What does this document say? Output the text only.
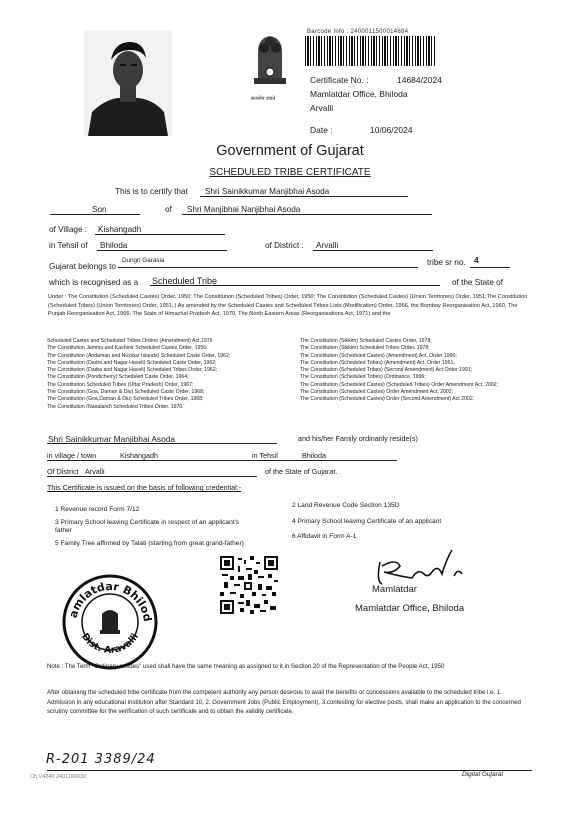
सत्यमेव जयते
Barcode Info : 2400011500014684
Certificate No. :	14684/2024
Mamlatdar Office, Bhiloda
Arvalli
Date :	10/06/2024
Government of Gujarat
SCHEDULED TRIBE CERTIFICATE
This is to certify that Shri Sainikkumar Manjibhai Asoda
Son	of Shri Manjibhai Nanjibhai Asoda
of Village : Kishangadh
in Tehsil of Bhiloda	of District : Arvalli
Gujarat belongs to
Dungri Garasia	tribe sr no. 4
which is recognised as a Scheduled Tribe	of the State of
Under : The Constitution (Scheduled Castes) Order, 1950; The Constitution (Scheduled Tribes) Order, 1950; The Constitution (Scheduled Castes) (Union Territories) Order, 1951;The Constitution (Scheduled Tribes) (Union Territories) Order, 1951, | As amended by the Scheduled Castes and Scheduled Tribes Lists (Modification) Order, 1956, the Bombay Reorganisation Act, 1960, The Punjab Reorganisation Act, 1966, The State of Himachal Pradesh Act, 1970, The North Eastern Areas (Reorganisations Act, 1971) and the
Scheduled Castes and Scheduled Tribes Orders (Amendment) Act,1976
The Constitution Jammu and Kashmir Scheduled Castes Order, 1956;
The Constitution (Andaman and Nicobar Islands) Scheduled Caste Order, 1962;
The Constitution (Dadra and Nagar Haveli) Scheduled Caste Order, 1962;
The Constitution (Dadra and Nagar Haveli) Scheduled Tribes Order, 1962;
The Constitution (Pondicherry) Scheduled Caste Order, 1964;
The Constitution Scheduled Tribes (Uttar Pradesh) Order, 1967;
The Constitution (Goa, Daman & Diu) Scheduled Caste Order, 1968;
The Constitution (Goa,Daman & Diu) Scheduled Tribes Order, 1968;
The Constitution (Nagaland) Scheduled Tribes Order, 1970;
The Constitution (Sikkim) Scheduled Castes Order, 1978;
The Constitution (Sikkim) Scheduled Tribes Order, 1978;
The Constitution (Scheduled Castes) (Amendment) Act, Order 1990;
The Constitution (Scheduled Tribes) (Amendment) Act, Order 1961;
The Constitution (Scheduled Tribes) (Second Amendment) Act Order 1991;
The Constitution (Scheduled Tribes) (Ordinance, 1996;
The Constitution (Scheduled Castes) (Scheduled Tribes) Order Amendment Act, 2002;
The Constitution (Scheduled Castes) Order Amendment Act, 2002;
The Constitution (Scheduled Castes) Order (Second Amendment) Act 2002.
Shri Sainikkumar Manjibhai Asoda	and his/her Family ordinarily reside(s)
in village / town	Kishangadh	in Tehsil	Bhiloda
Of District Arvalli	of the State of Gujarat.
This Certificate is issued on the basis of following credential:-
1 Revenue record Form 7/12
3 Primary School leaving Certificate in respect of an applicant's father
5 Family Tree affirmed by Talati (starting from great grand-father)
2 Land Revenue Code Section 135D
4 Primary School leaving Certificate of an applicant
6 Affidavit in Form A-1
amlatdar Bhilod
Dist. Aravalli
Mamlatdar
Mamlatdar Office, Bhiloda
Note : The Term "Ordinary resides" used shall have the same meaning as assigned to it in Section 20 of the Representation of the People Act, 1950
After obtaining the scheduled tribe certificate from the competent authority any person desirous to avail the benefits or concessions available to the scheduled tribe i.e. 1. Admission in any educational institution after Standard 10, 2. Government Jobs (Public Employment), 3.contesting for elective posts, shall make an application to the concerned scrutiny committee for the verification of such certificate and to obtain the validity certificate.
R-201 3389/24
Ch.V4240 2401100030	Digital Gujarat
